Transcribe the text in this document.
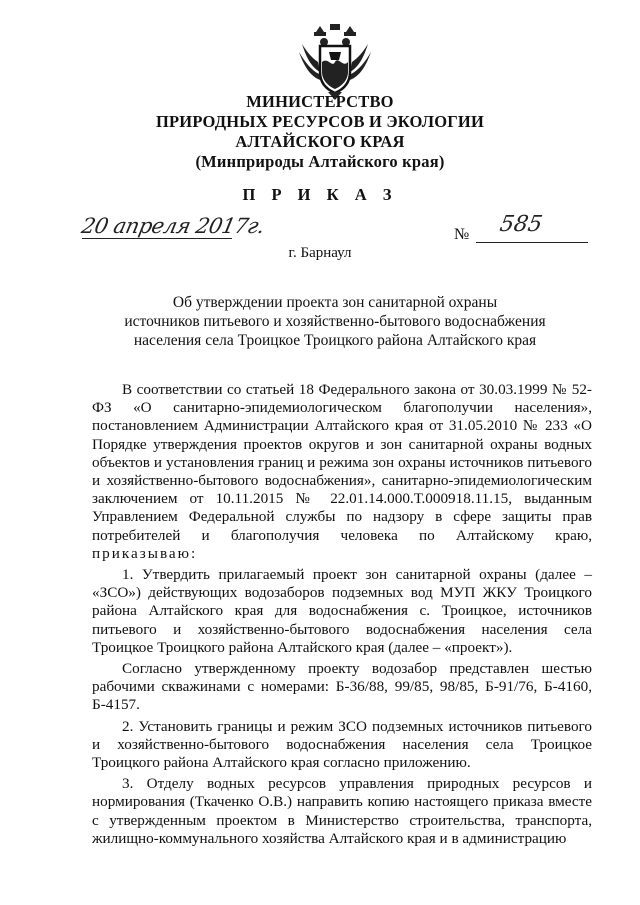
МИНИСТЕРСТВО
ПРИРОДНЫХ РЕСУРСОВ И ЭКОЛОГИИ
АЛТАЙСКОГО КРАЯ
(Минприроды Алтайского края)
П Р И К А З
20 апреля 2017г.	№ 585
г. Барнаул
Об утверждении проекта зон санитарной охраны
источников питьевого и хозяйственно-бытового водоснабжения
населения села Троицкое Троицкого района Алтайского края

В соответствии со статьей 18 Федерального закона от 30.03.1999 № 52-ФЗ «О санитарно-эпидемиологическом благополучии населения», постановлением Администрации Алтайского края от 31.05.2010 № 233 «О Порядке утверждения проектов округов и зон санитарной охраны водных объектов и установления границ и режима зон охраны источников питьевого и хозяйственно-бытового водоснабжения», санитарно-эпидемиологическим заключением от 10.11.2015 № 22.01.14.000.Т.000918.11.15, выданным Управлением Федеральной службы по надзору в сфере защиты прав потребителей и благополучия человека по Алтайскому краю, приказываю:

1. Утвердить прилагаемый проект зон санитарной охраны (далее – «ЗСО») действующих водозаборов подземных вод МУП ЖКУ Троицкого района Алтайского края для водоснабжения с. Троицкое, источников питьевого и хозяйственно-бытового водоснабжения населения села Троицкое Троицкого района Алтайского края (далее – «проект»).

Согласно утвержденному проекту водозабор представлен шестью рабочими скважинами с номерами: Б-36/88, 99/85, 98/85, Б-91/76, Б-4160, Б-4157.

2. Установить границы и режим ЗСО подземных источников питьевого и хозяйственно-бытового водоснабжения населения села Троицкое Троицкого района Алтайского края согласно приложению.

3. Отделу водных ресурсов управления природных ресурсов и нормирования (Ткаченко О.В.) направить копию настоящего приказа вместе с утвержденным проектом в Министерство строительства, транспорта, жилищно-коммунального хозяйства Алтайского края и в администрацию
